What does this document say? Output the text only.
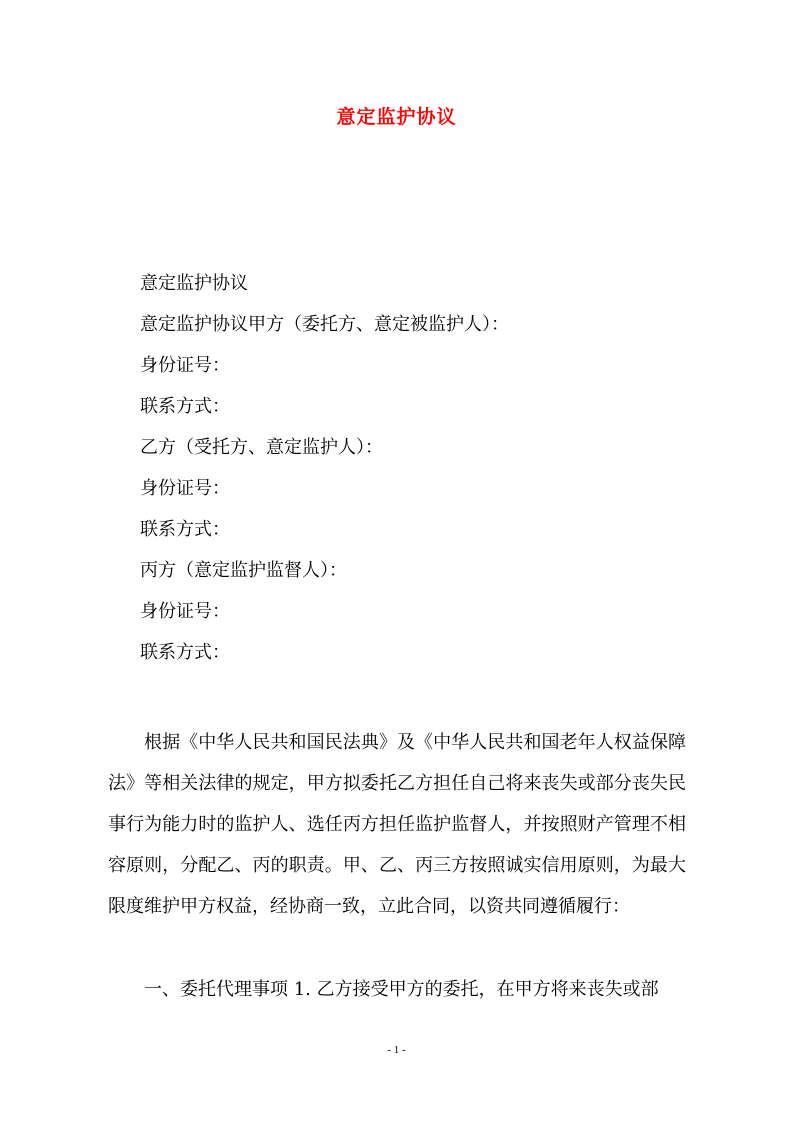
意定监护协议
意定监护协议
意定监护协议甲方（委托方、意定被监护人）：
身份证号：
联系方式：
乙方（受托方、意定监护人）：
身份证号：
联系方式：
丙方（意定监护监督人）：
身份证号：
联系方式：
根据《中华人民共和国民法典》及《中华人民共和国老年人权益保障法》等相关法律的规定，甲方拟委托乙方担任自己将来丧失或部分丧失民事行为能力时的监护人、选任丙方担任监护监督人，并按照财产管理不相容原则，分配乙、丙的职责。甲、乙、丙三方按照诚实信用原则，为最大限度维护甲方权益，经协商一致，立此合同，以资共同遵循履行：
一、委托代理事项 1. 乙方接受甲方的委托，在甲方将来丧失或部
- 1 -
